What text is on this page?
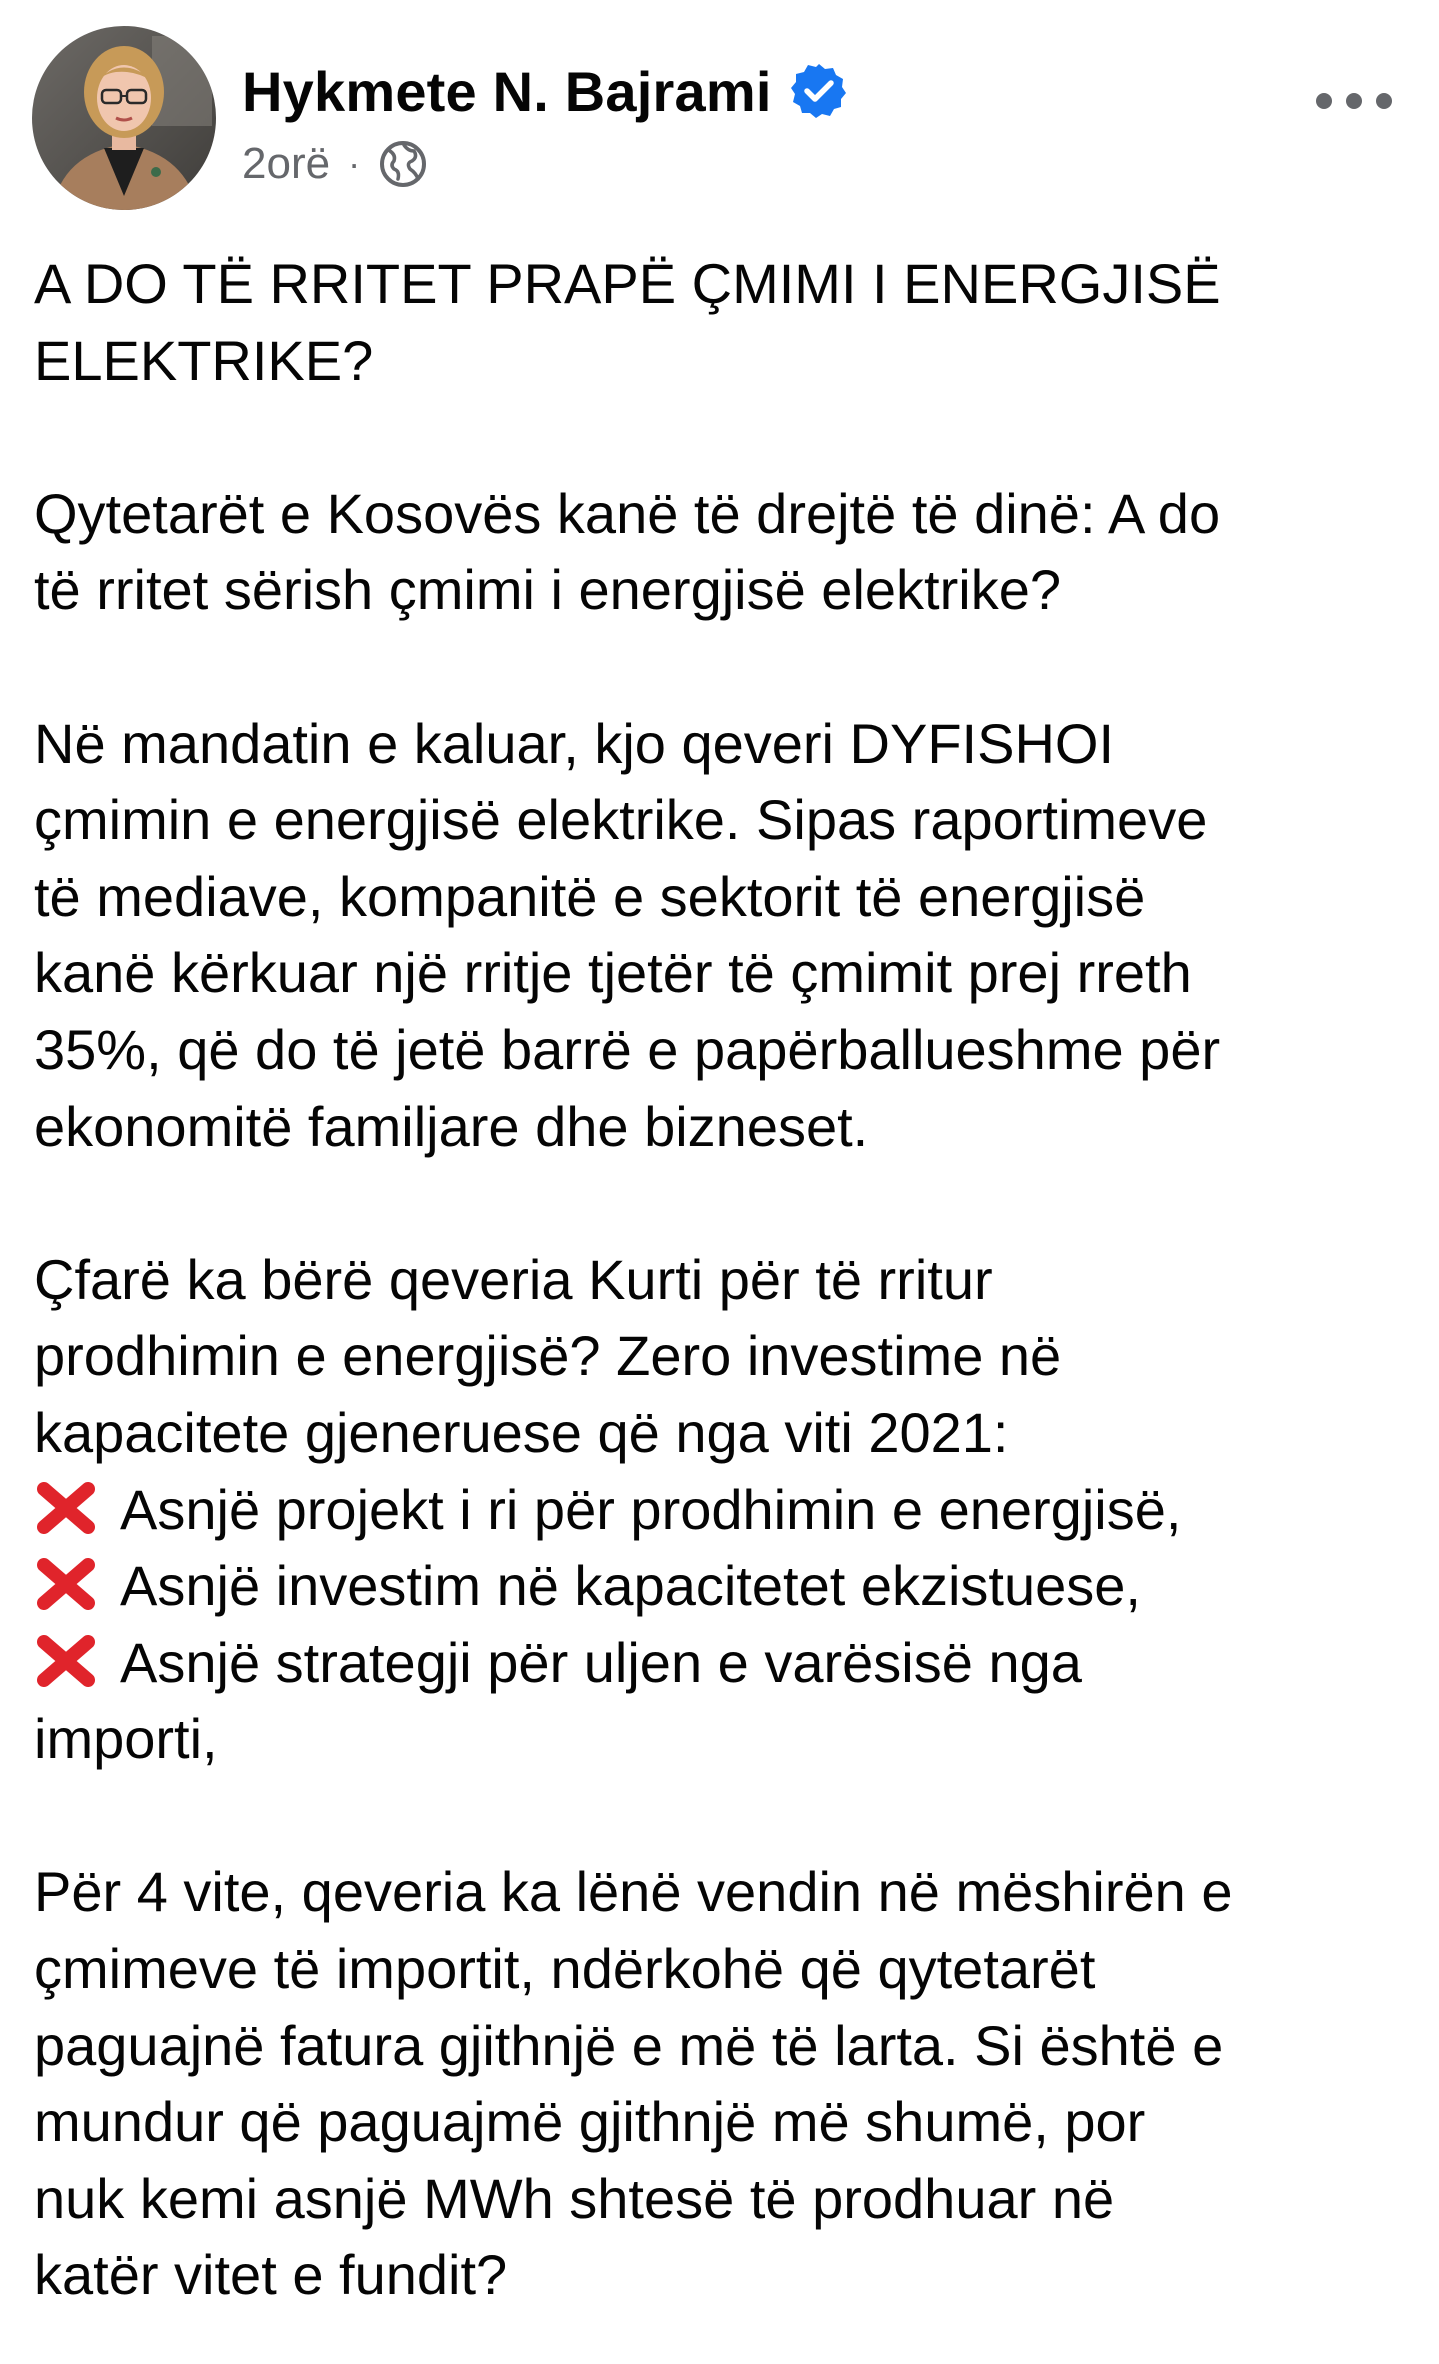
Hykmete N. Bajrami
2orë ·
A DO TË RRITET PRAPË ÇMIMI I ENERGJISË
ELEKTRIKE?
Qytetarët e Kosovës kanë të drejtë të dinë: A do
të rritet sërish çmimi i energjisë elektrike?
Në mandatin e kaluar, kjo qeveri DYFISHOI
çmimin e energjisë elektrike. Sipas raportimeve
të mediave, kompanitë e sektorit të energjisë
kanë kërkuar një rritje tjetër të çmimit prej rreth
35%, që do të jetë barrë e papërballueshme për
ekonomitë familjare dhe bizneset.
Çfarë ka bërë qeveria Kurti për të rritur
prodhimin e energjisë? Zero investime në
kapacitete gjeneruese që nga viti 2021:
Asnjë projekt i ri për prodhimin e energjisë,
Asnjë investim në kapacitetet ekzistuese,
Asnjë strategji për uljen e varësisë nga
importi,
Për 4 vite, qeveria ka lënë vendin në mëshirën e
çmimeve të importit, ndërkohë që qytetarët
paguajnë fatura gjithnjë e më të larta. Si është e
mundur që paguajmë gjithnjë më shumë, por
nuk kemi asnjë MWh shtesë të prodhuar në
katër vitet e fundit?
